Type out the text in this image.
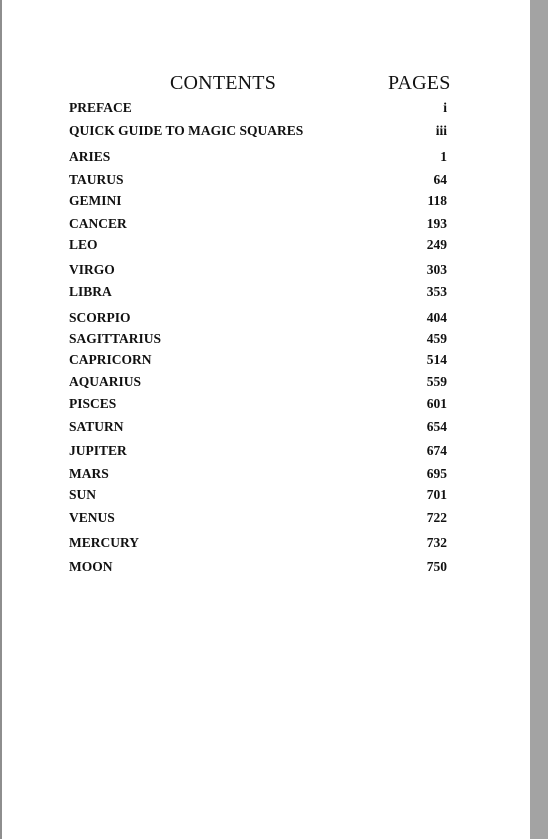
CONTENTS	PAGES
PREFACE	i
QUICK GUIDE TO MAGIC SQUARES	iii
ARIES	1
TAURUS	64
GEMINI	118
CANCER	193
LEO	249
VIRGO	303
LIBRA	353
SCORPIO	404
SAGITTARIUS	459
CAPRICORN	514
AQUARIUS	559
PISCES	601
SATURN	654
JUPITER	674
MARS	695
SUN	701
VENUS	722
MERCURY	732
MOON	750
